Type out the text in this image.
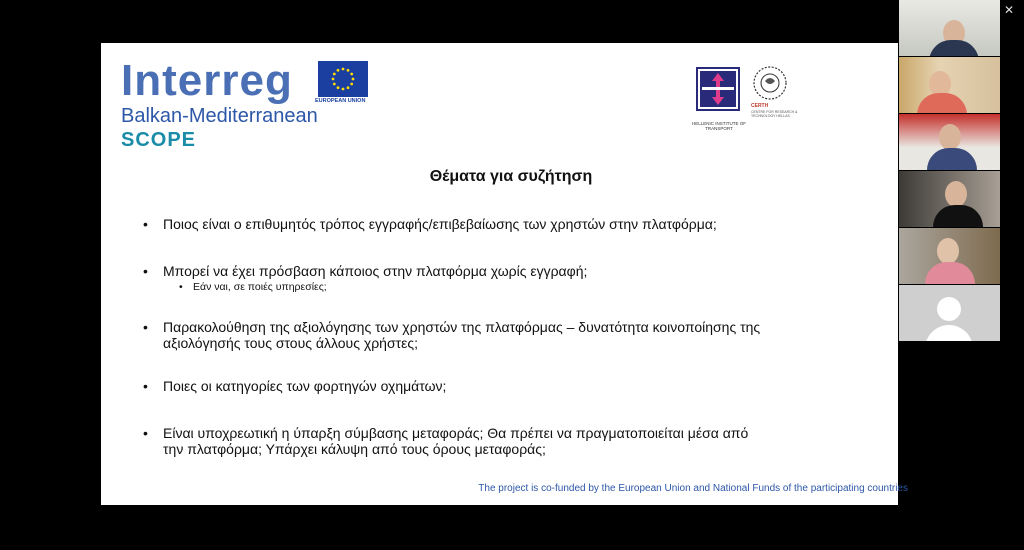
✕
Interreg
Balkan-Mediterranean
SCOPE
EUROPEAN UNION
HELLENIC INSTITUTE OF TRANSPORT
CERTH
CENTRE FOR RESEARCH & TECHNOLOGY HELLAS
Θέματα για συζήτηση
• Ποιος είναι ο επιθυμητός τρόπος εγγραφής/επιβεβαίωσης των χρηστών στην πλατφόρμα;
• Μπορεί να έχει πρόσβαση κάποιος στην πλατφόρμα χωρίς εγγραφή;
• Εάν ναι, σε ποιές υπηρεσίες;
• Παρακολούθηση της αξιολόγησης των χρηστών της πλατφόρμας – δυνατότητα κοινοποίησης της
αξιολόγησής τους στους άλλους χρήστες;
• Ποιες οι κατηγορίες των φορτηγών οχημάτων;
• Είναι υποχρεωτική η ύπαρξη σύμβασης μεταφοράς; Θα πρέπει να πραγματοποιείται μέσα από
την πλατφόρμα; Υπάρχει κάλυψη από τους όρους μεταφοράς;
The project is co-funded by the European Union and National Funds of the participating countries
